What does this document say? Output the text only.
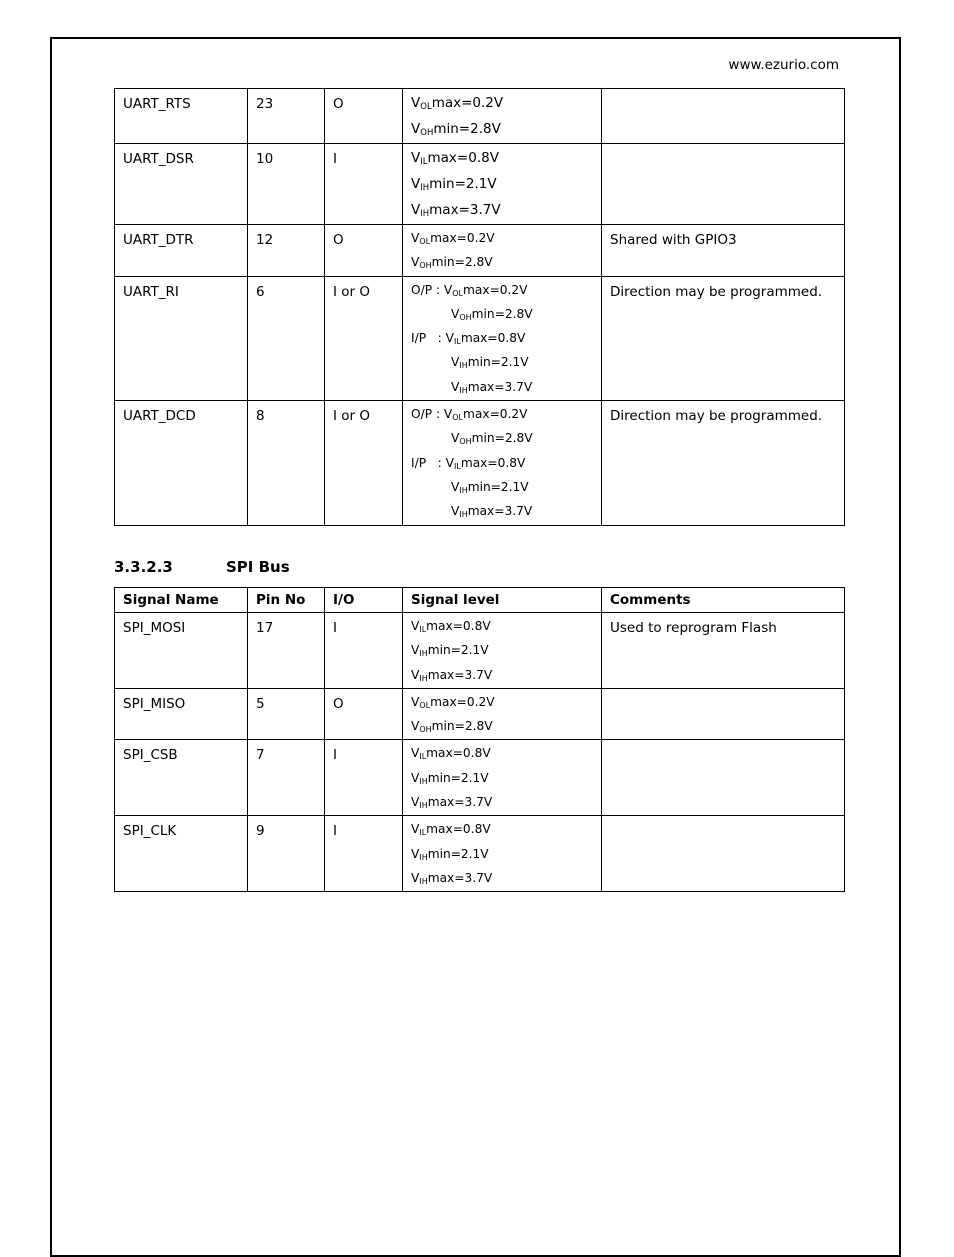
www.ezurio.com
UART_RTS	23	O	$V_{OL}\max=0.2V$
$V_{OH}\min=2.8V$	

UART_DSR	10	I	$V_{IL}\max=0.8V$
$V_{IH}\min=2.1V$
$V_{IH}\max=3.7V$	

UART_DTR	12	O	$V_{OL}\max=0.2V$
$V_{OH}\min=2.8V$	Shared with GPIO3

UART_RI	6	I or O	O/P : $V_{OL}\max=0.2V$
$V_{OH}\min=2.8V$
I/P   : $V_{IL}\max=0.8V$
$V_{IH}\min=2.1V$
$V_{IH}\max=3.7V$	Direction may be programmed.

UART_DCD	8	I or O	O/P : $V_{OL}\max=0.2V$
$V_{OH}\min=2.8V$
I/P   : $V_{IL}\max=0.8V$
$V_{IH}\min=2.1V$
$V_{IH}\max=3.7V$	Direction may be programmed.
3.3.2.3	SPI Bus
Signal Name	Pin No	I/O	Signal level	Comments

SPI_MOSI	17	I	$V_{IL}\max=0.8V$
$V_{IH}\min=2.1V$
$V_{IH}\max=3.7V$	Used to reprogram Flash

SPI_MISO	5	O	$V_{OL}\max=0.2V$
$V_{OH}\min=2.8V$	

SPI_CSB	7	I	$V_{IL}\max=0.8V$
$V_{IH}\min=2.1V$
$V_{IH}\max=3.7V$	

SPI_CLK	9	I	$V_{IL}\max=0.8V$
$V_{IH}\min=2.1V$
$V_{IH}\max=3.7V$	
